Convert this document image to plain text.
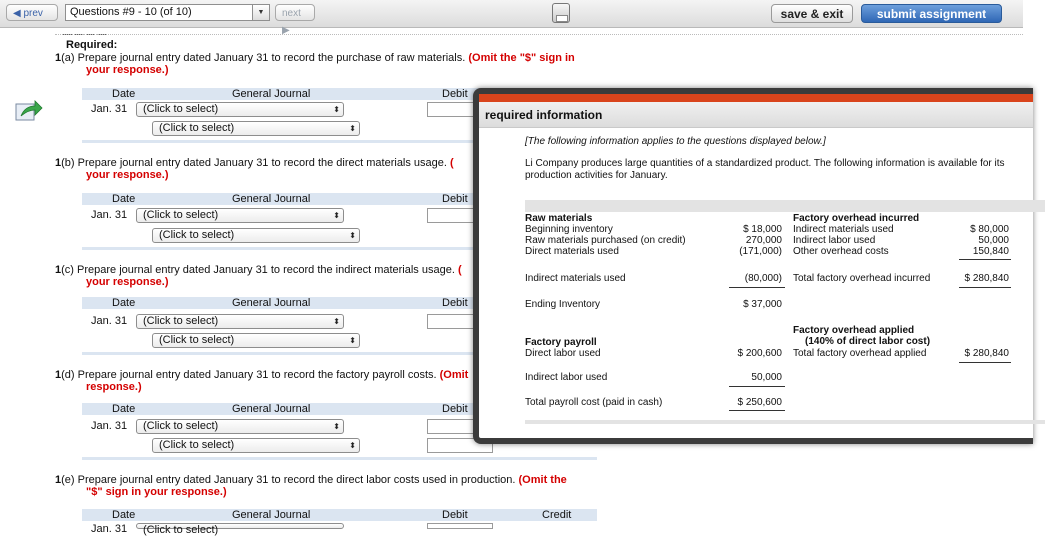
◀ prev	Questions #9 - 10 (of 10)	▼	next ▶
save & exit	submit assignment
— — — —
Required:
1(a) Prepare journal entry dated January 31 to record the purchase of raw materials. (Omit the "$" sign in
your response.)
Date	General Journal	Debit
Jan. 31	(Click to select)	⬍
(Click to select)	⬍
1(b) Prepare journal entry dated January 31 to record the direct materials usage. (
your response.)
Date	General Journal	Debit
Jan. 31	(Click to select)	⬍
(Click to select)	⬍
1(c) Prepare journal entry dated January 31 to record the indirect materials usage. (
your response.)
Date	General Journal	Debit
Jan. 31	(Click to select)	⬍
(Click to select)	⬍
1(d) Prepare journal entry dated January 31 to record the factory payroll costs. (Omit
response.)
Date	General Journal	Debit
Jan. 31	(Click to select)	⬍
(Click to select)	⬍
1(e) Prepare journal entry dated January 31 to record the direct labor costs used in production. (Omit the
"$" sign in your response.)
Date	General Journal	Debit	Credit
Jan. 31	(Click to select)
required information
[The following information applies to the questions displayed below.]
Li Company produces large quantities of a standardized product. The following information is available for its production activities for January.
Raw materials
Beginning inventory	$ 18,000
Raw materials purchased (on credit)	270,000
Direct materials used	(171,000)
Indirect materials used	(80,000)
Ending Inventory	$ 37,000
Factory payroll
Direct labor used	$ 200,600
Indirect labor used	50,000
Total payroll cost (paid in cash)	$ 250,600
Factory overhead incurred
Indirect materials used	$ 80,000
Indirect labor used	50,000
Other overhead costs	150,840
Total factory overhead incurred	$ 280,840
Factory overhead applied
(140% of direct labor cost)
Total factory overhead applied	$ 280,840
